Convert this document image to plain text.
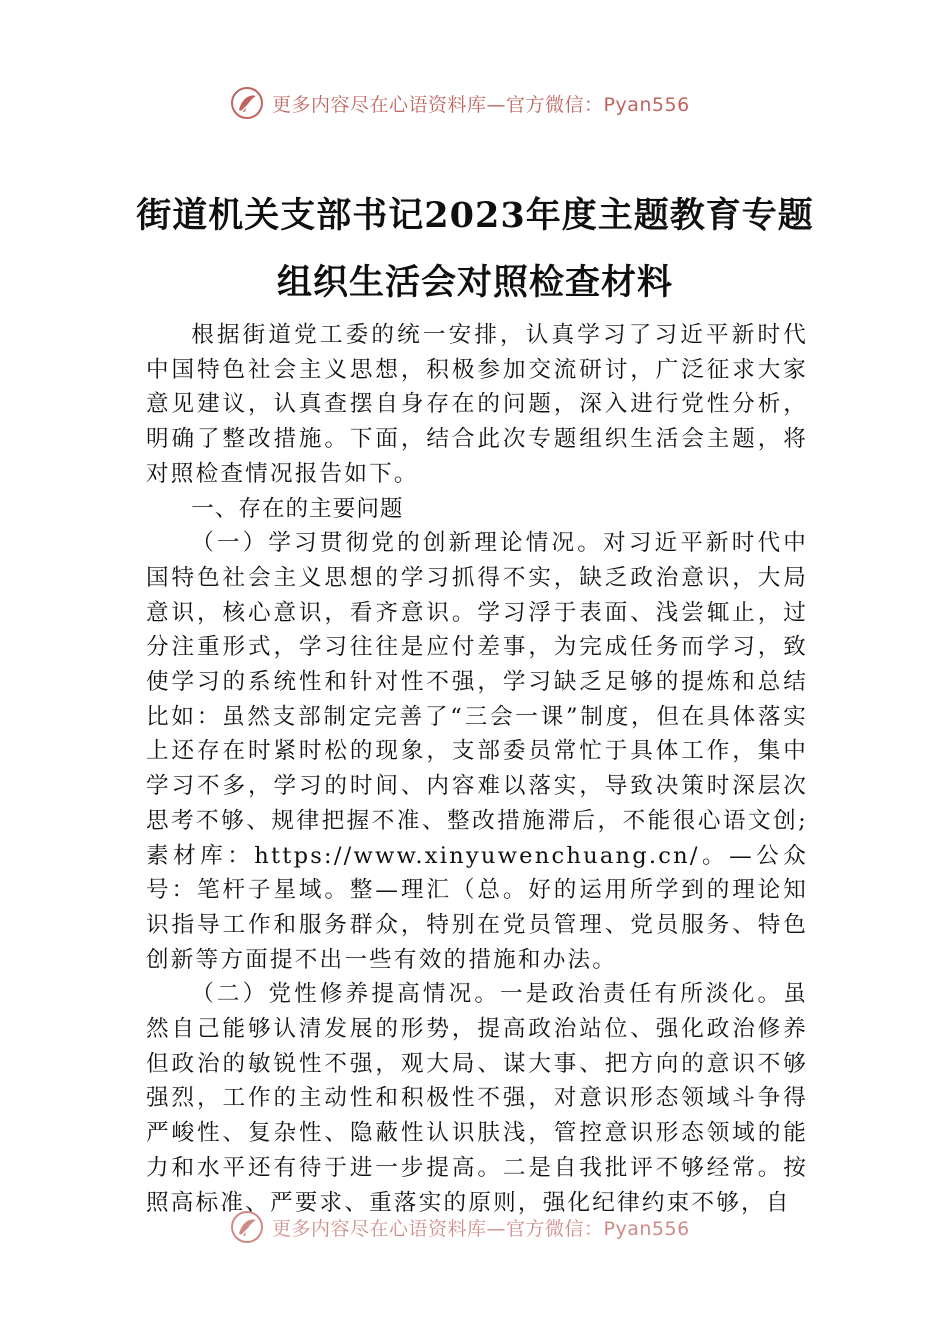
更多内容尽在心语资料库—官方微信：Pyan556
街道机关支部书记2023年度主题教育专题
组织生活会对照检查材料

根据街道党工委的统一安排，认真学习了习近平新时代中国特色社会主义思想，积极参加交流研讨，广泛征求大家意见建议，认真查摆自身存在的问题，深入进行党性分析，明确了整改措施。下面，结合此次专题组织生活会主题，将对照检查情况报告如下。

一、存在的主要问题

（一）学习贯彻党的创新理论情况。对习近平新时代中国特色社会主义思想的学习抓得不实，缺乏政治意识，大局意识，核心意识，看齐意识。学习浮于表面、浅尝辄止，过分注重形式，学习往往是应付差事，为完成任务而学习，致使学习的系统性和针对性不强，学习缺乏足够的提炼和总结比如：虽然支部制定完善了“三会一课”制度，但在具体落实上还存在时紧时松的现象，支部委员常忙于具体工作，集中学习不多，学习的时间、内容难以落实，导致决策时深层次思考不够、规律把握不准、整改措施滞后，不能很心语文创;素材库：https://www.xinyuwenchuang.cn/。—公众号：笔杆子星域。整—理汇（总。好的运用所学到的理论知识指导工作和服务群众，特别在党员管理、党员服务、特色创新等方面提不出一些有效的措施和办法。

（二）党性修养提高情况。一是政治责任有所淡化。虽然自己能够认清发展的形势，提高政治站位、强化政治修养但政治的敏锐性不强，观大局、谋大事、把方向的意识不够强烈，工作的主动性和积极性不强，对意识形态领域斗争得严峻性、复杂性、隐蔽性认识肤浅，管控意识形态领域的能力和水平还有待于进一步提高。二是自我批评不够经常。按照高标准、严要求、重落实的原则，强化纪律约束不够，自

更多内容尽在心语资料库—官方微信：Pyan556
